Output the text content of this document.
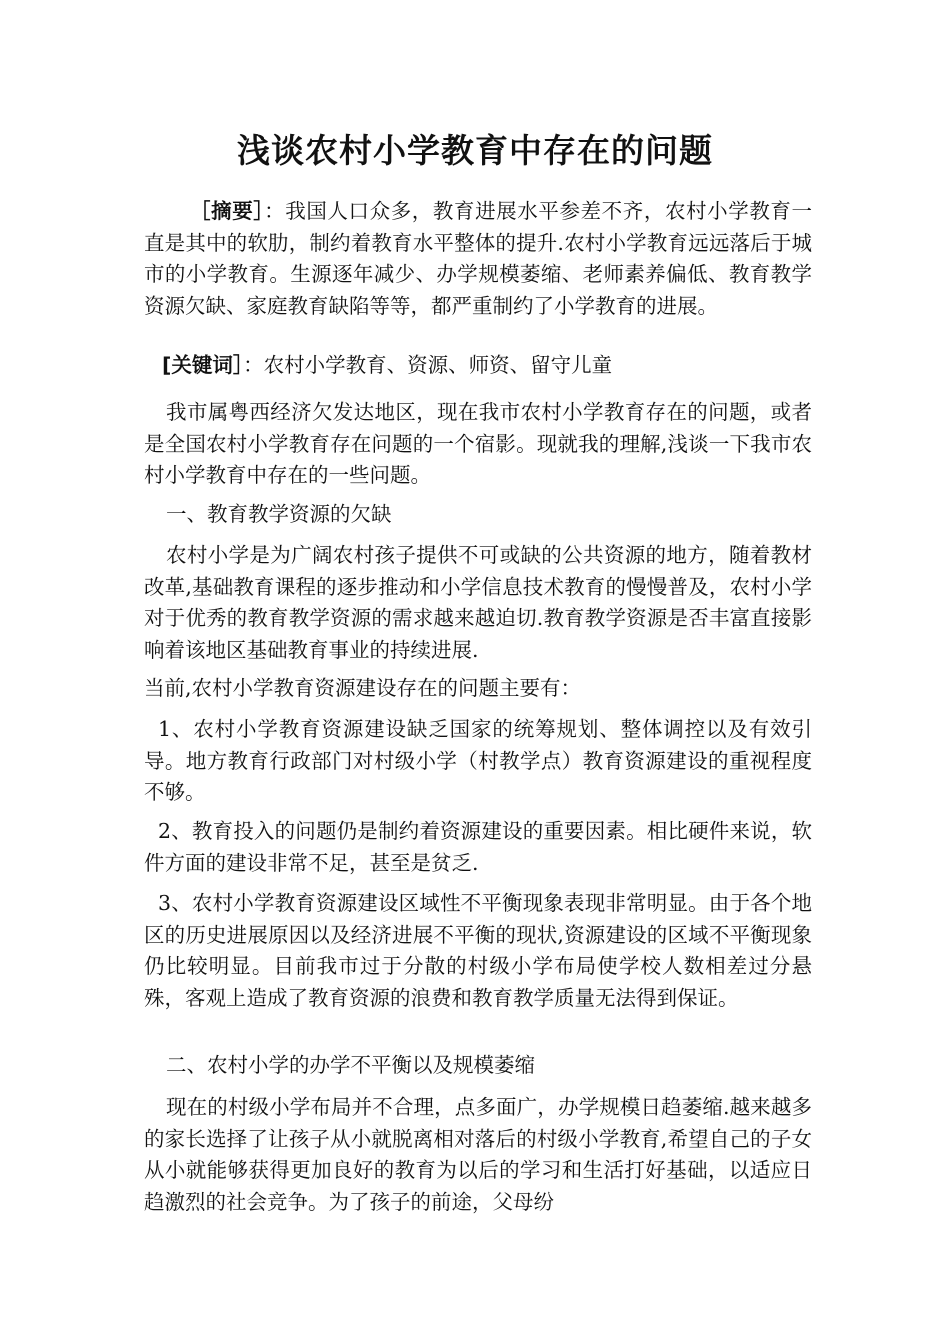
浅谈农村小学教育中存在的问题

［摘要］：我国人口众多，教育进展水平参差不齐，农村小学教育一直是其中的软肋，制约着教育水平整体的提升.农村小学教育远远落后于城市的小学教育。生源逐年减少、办学规模萎缩、老师素养偏低、教育教学资源欠缺、家庭教育缺陷等等，都严重制约了小学教育的进展。

[关键词］：农村小学教育、资源、师资、留守儿童

我市属粤西经济欠发达地区，现在我市农村小学教育存在的问题，或者是全国农村小学教育存在问题的一个宿影。现就我的理解,浅谈一下我市农村小学教育中存在的一些问题。

一、教育教学资源的欠缺

农村小学是为广阔农村孩子提供不可或缺的公共资源的地方，随着教材改革,基础教育课程的逐步推动和小学信息技术教育的慢慢普及，农村小学对于优秀的教育教学资源的需求越来越迫切.教育教学资源是否丰富直接影响着该地区基础教育事业的持续进展.

当前,农村小学教育资源建设存在的问题主要有：

1、农村小学教育资源建设缺乏国家的统筹规划、整体调控以及有效引导。地方教育行政部门对村级小学（村教学点）教育资源建设的重视程度不够。

2、教育投入的问题仍是制约着资源建设的重要因素。相比硬件来说，软件方面的建设非常不足，甚至是贫乏.

3、农村小学教育资源建设区域性不平衡现象表现非常明显。由于各个地区的历史进展原因以及经济进展不平衡的现状,资源建设的区域不平衡现象仍比较明显。目前我市过于分散的村级小学布局使学校人数相差过分悬殊，客观上造成了教育资源的浪费和教育教学质量无法得到保证。

二、农村小学的办学不平衡以及规模萎缩

现在的村级小学布局并不合理，点多面广，办学规模日趋萎缩.越来越多的家长选择了让孩子从小就脱离相对落后的村级小学教育,希望自己的子女从小就能够获得更加良好的教育为以后的学习和生活打好基础，以适应日趋激烈的社会竞争。为了孩子的前途，父母纷
